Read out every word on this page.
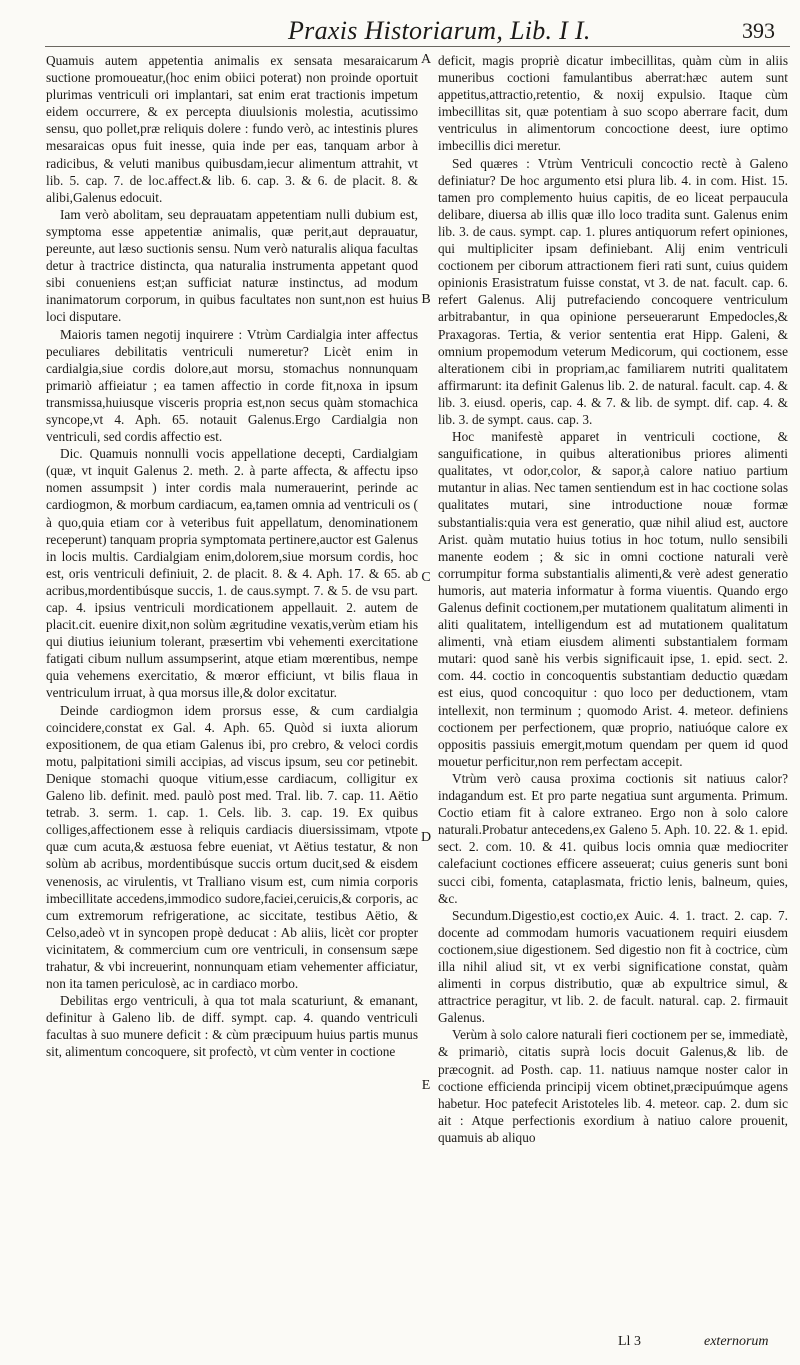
Praxis Historiarum, Lib. I I.	393

Quamuis autem appetentia animalis ex sensata mesaraicarum suctione promoueatur,(hoc enim obiici poterat) non proinde oportuit plurimas ventriculi ori implantari, sat enim erat tractionis impetum eidem occurrere, & ex percepta diuulsionis molestia, acutissimo sensu, quo pollet,præ reliquis dolere : fundo verò, ac intestinis plures mesaraicas opus fuit inesse, quia inde per eas, tanquam arbor à radicibus, & veluti manibus quibusdam,iecur alimentum attrahit, vt lib. 5. cap. 7. de loc.affect.& lib. 6. cap. 3. & 6. de placit. 8. & alibi,Galenus edocuit.

Iam verò abolitam, seu deprauatam appetentiam nulli dubium est, symptoma esse appetentiæ animalis, quæ perit,aut deprauatur, pereunte, aut læso suctionis sensu. Num verò naturalis aliqua facultas detur à tractrice distincta, qua naturalia instrumenta appetant quod sibi conueniens est;an sufficiat naturæ instinctus, ad modum inanimatorum corporum, in quibus facultates non sunt,non est huius loci disputare.

Maioris tamen negotij inquirere : Vtrùm Cardialgia inter affectus peculiares debilitatis ventriculi numeretur? Licèt enim in cardialgia,siue cordis dolore,aut morsu, stomachus nonnunquam primariò affieiatur ; ea tamen affectio in corde fit,noxa in ipsum transmissa,huiusque visceris propria est,non secus quàm stomachica syncope,vt 4. Aph. 65. notauit Galenus.Ergo Cardialgia non ventriculi, sed cordis affectio est.

Dic. Quamuis nonnulli vocis appellatione decepti, Cardialgiam (quæ, vt inquit Galenus 2. meth. 2. à parte affecta, & affectu ipso nomen assumpsit ) inter cordis mala numerauerint, perinde ac cardiogmon, & morbum cardiacum, ea,tamen omnia ad ventriculi os ( à quo,quia etiam cor à veteribus fuit appellatum, denominationem receperunt) tanquam propria symptomata pertinere,auctor est Galenus in locis multis. Cardialgiam enim,dolorem,siue morsum cordis, hoc est, oris ventriculi definiuit, 2. de placit. 8. & 4. Aph. 17. & 65. ab acribus,mordentibúsque succis, 1. de caus.sympt. 7. & 5. de vsu part. cap. 4. ipsius ventriculi mordicationem appellauit. 2. autem de placit.cit. euenire dixit,non solùm ægritudine vexatis,verùm etiam his qui diutius ieiunium tolerant, præsertim vbi vehementi exercitatione fatigati cibum nullum assumpserint, atque etiam mœrentibus, nempe quia vehemens exercitatio, & mœror efficiunt, vt bilis flaua in ventriculum irruat, à qua morsus ille,& dolor excitatur.

Deinde cardiogmon idem prorsus esse, & cum cardialgia coincidere,constat ex Gal. 4. Aph. 65. Quòd si iuxta aliorum expositionem, de qua etiam Galenus ibi, pro crebro, & veloci cordis motu, palpitationi simili accipias, ad viscus ipsum, seu cor petinebit. Denique stomachi quoque vitium,esse cardiacum, colligitur ex Galeno lib. definit. med. paulò post med. Tral. lib. 7. cap. 11. Aëtio tetrab. 3. serm. 1. cap. 1. Cels. lib. 3. cap. 19. Ex quibus colliges,affectionem esse à reliquis cardiacis diuersissimam, vtpote quæ cum acuta,& æstuosa febre eueniat, vt Aëtius testatur, & non solùm ab acribus, mordentibúsque succis ortum ducit,sed & eisdem venenosis, ac virulentis, vt Tralliano visum est, cum nimia corporis imbecillitate accedens,immodico sudore,faciei,ceruicis,& corporis, ac cum extremorum refrigeratione, ac siccitate, testibus Aëtio, & Celso,adeò vt in syncopen propè deducat : Ab aliis, licèt cor propter vicinitatem, & commercium cum ore ventriculi, in consensum sæpe trahatur, & vbi increuerint, nonnunquam etiam vehementer afficiatur, non ita tamen periculosè, ac in cardiaco morbo.

Debilitas ergo ventriculi, à qua tot mala scaturiunt, & emanant, definitur à Galeno lib. de diff. sympt. cap. 4. quando ventriculi facultas à suo munere deficit : & cùm præcipuum huius partis munus sit, alimentum concoquere, sit profectò, vt cùm venter in coctione

A
B
C
D
E

deficit, magis propriè dicatur imbecillitas, quàm cùm in aliis muneribus coctioni famulantibus aberrat:hæc autem sunt appetitus,attractio,retentio, & noxij expulsio. Itaque cùm imbecillitas sit, quæ potentiam à suo scopo aberrare facit, dum ventriculus in alimentorum concoctione deest, iure optimo imbecillis dici meretur.

Sed quæres : Vtrùm Ventriculi concoctio rectè à Galeno definiatur? De hoc argumento etsi plura lib. 4. in com. Hist. 15. tamen pro complemento huius capitis, de eo liceat perpaucula delibare, diuersa ab illis quæ illo loco tradita sunt. Galenus enim lib. 3. de caus. sympt. cap. 1. plures antiquorum refert opiniones, qui multipliciter ipsam definiebant. Alij enim ventriculi coctionem per ciborum attractionem fieri rati sunt, cuius quidem opinionis Erasistratum fuisse constat, vt 3. de nat. facult. cap. 6. refert Galenus. Alij putrefaciendo concoquere ventriculum arbitrabantur, in qua opinione perseuerarunt Empedocles,& Praxagoras. Tertia, & verior sententia erat Hipp. Galeni, & omnium propemodum veterum Medicorum, qui coctionem, esse alterationem cibi in propriam,ac familiarem nutriti qualitatem affirmarunt: ita definit Galenus lib. 2. de natural. facult. cap. 4. & lib. 3. eiusd. operis, cap. 4. & 7. & lib. de sympt. dif. cap. 4. & lib. 3. de sympt. caus. cap. 3.

Hoc manifestè apparet in ventriculi coctione, & sanguificatione, in quibus alterationibus priores alimenti qualitates, vt odor,color, & sapor,à calore natiuo partium mutantur in alias. Nec tamen sentiendum est in hac coctione solas qualitates mutari, sine introductione nouæ formæ substantialis:quia vera est generatio, quæ nihil aliud est, auctore Arist. quàm mutatio huius totius in hoc totum, nullo sensibili manente eodem ; & sic in omni coctione naturali verè corrumpitur forma substantialis alimenti,& verè adest generatio humoris, aut materia informatur à forma viuentis. Quando ergo Galenus definit coctionem,per mutationem qualitatum alimenti in aliti qualitatem, intelligendum est ad mutationem qualitatum alimenti, vnà etiam eiusdem alimenti substantialem formam mutari: quod sanè his verbis significauit ipse, 1. epid. sect. 2. com. 44. coctio in concoquentis substantiam deductio quædam est eius, quod concoquitur : quo loco per deductionem, vtam intellexit, non terminum ; quomodo Arist. 4. meteor. definiens coctionem per perfectionem, quæ proprio, natiuóque calore ex oppositis passiuis emergit,motum quendam per quem id quod mouetur perficitur,non rem perfectam accepit.

Vtrùm verò causa proxima coctionis sit natiuus calor? indagandum est. Et pro parte negatiua sunt argumenta. Primum. Coctio etiam fit à calore extraneo. Ergo non à solo calore naturali.Probatur antecedens,ex Galeno 5. Aph. 10. 22. & 1. epid. sect. 2. com. 10. & 41. quibus locis omnia quæ mediocriter calefaciunt coctiones efficere asseuerat; cuius generis sunt boni succi cibi, fomenta, cataplasmata, frictio lenis, balneum, quies, &c.

Secundum.Digestio,est coctio,ex Auic. 4. 1. tract. 2. cap. 7. docente ad commodam humoris vacuationem requiri eiusdem coctionem,siue digestionem. Sed digestio non fit à coctrice, cùm illa nihil aliud sit, vt ex verbi significatione constat, quàm alimenti in corpus distributio, quæ ab expultrice simul, & attractrice peragitur, vt lib. 2. de facult. natural. cap. 2. firmauit Galenus.

Verùm à solo calore naturali fieri coctionem per se, immediatè, & primariò, citatis suprà locis docuit Galenus,& lib. de præcognit. ad Posth. cap. 11. natiuus namque noster calor in coctione efficienda principij vicem obtinet,præcipuúmque agens habetur. Hoc patefecit Aristoteles lib. 4. meteor. cap. 2. dum sic ait : Atque perfectionis exordium à natiuo calore prouenit, quamuis ab aliquo

Ll 3	externorum
